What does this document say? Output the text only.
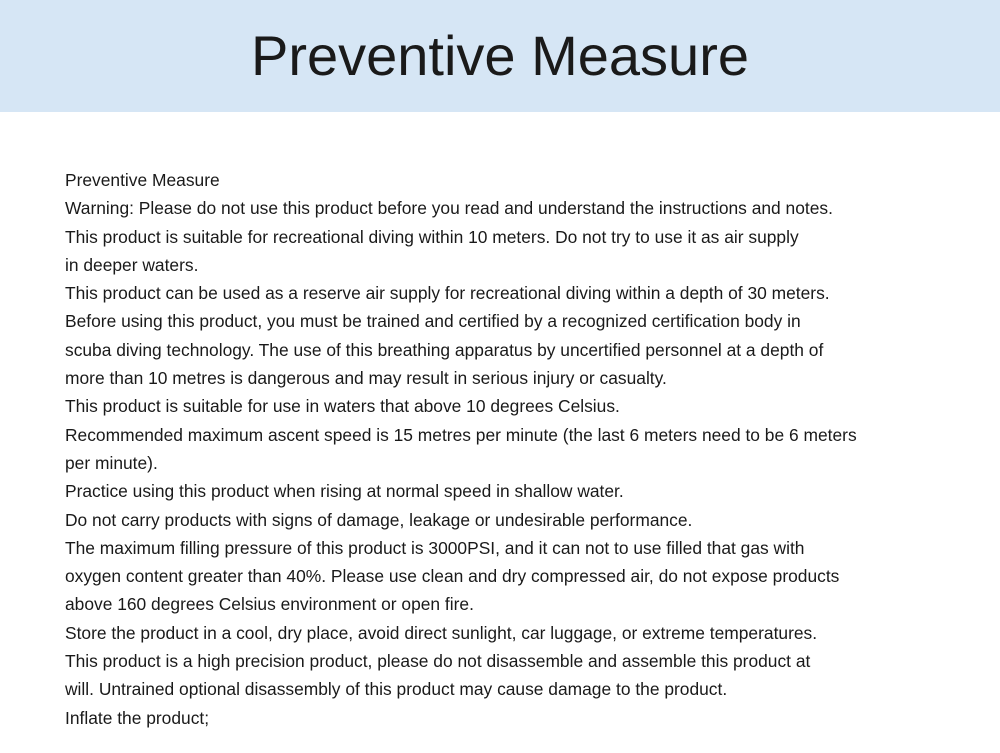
Preventive Measure
Preventive Measure
Warning: Please do not use this product before you read and understand the instructions and notes.
This product is suitable for recreational diving within 10 meters. Do not try to use it as air supply
in deeper waters.
This product can be used as a reserve air supply for recreational diving within a depth of 30 meters.
Before using this product, you must be trained and certified by a recognized certification body in
scuba diving technology. The use of this breathing apparatus by uncertified personnel at a depth of
more than 10 metres is dangerous and may result in serious injury or casualty.
This product is suitable for use in waters that above 10 degrees Celsius.
Recommended maximum ascent speed is 15 metres per minute (the last 6 meters need to be 6 meters
per minute).
Practice using this product when rising at normal speed in shallow water.
Do not carry products with signs of damage, leakage or undesirable performance.
The maximum filling pressure of this product is 3000PSI, and it can not to use filled that gas with
oxygen content greater than 40%. Please use clean and dry compressed air, do not expose products
above 160 degrees Celsius environment or open fire.
Store the product in a cool, dry place, avoid direct sunlight, car luggage, or extreme temperatures.
This product is a high precision product, please do not disassemble and assemble this product at
will. Untrained optional disassembly of this product may cause damage to the product.
Inflate the product;
